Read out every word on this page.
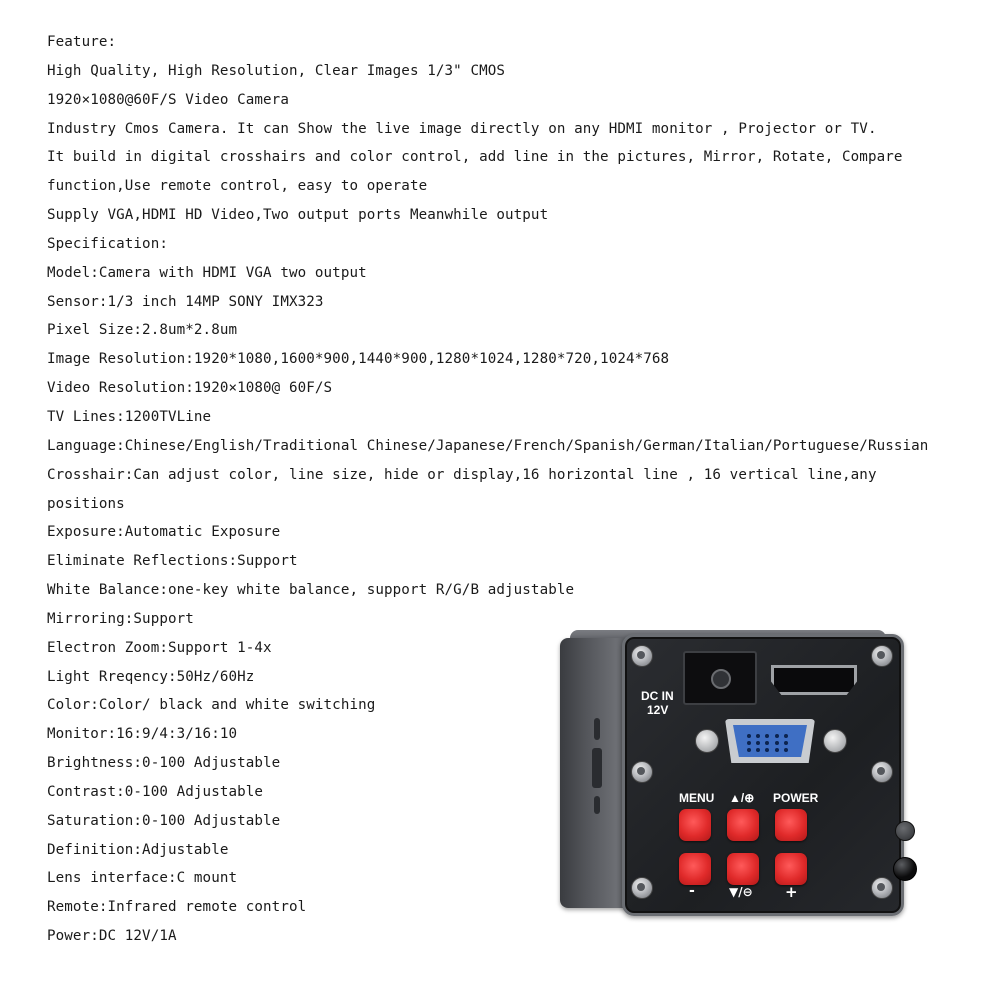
Feature:
High Quality, High Resolution, Clear Images 1/3" CMOS
1920×1080@60F/S Video Camera
Industry Cmos Camera. It can Show the live image directly on any HDMI monitor , Projector or TV.
It build in digital crosshairs and color control, add line in the pictures, Mirror, Rotate, Compare
function,Use remote control, easy to operate
Supply VGA,HDMI HD Video,Two output ports Meanwhile output
Specification:
Model:Camera with HDMI VGA two output
Sensor:1/3 inch 14MP SONY IMX323
Pixel Size:2.8um*2.8um
Image Resolution:1920*1080,1600*900,1440*900,1280*1024,1280*720,1024*768
Video Resolution:1920×1080@ 60F/S
TV Lines:1200TVLine
Language:Chinese/English/Traditional Chinese/Japanese/French/Spanish/German/Italian/Portuguese/Russian
Crosshair:Can adjust color, line size, hide or display,16 horizontal line , 16 vertical line,any
positions
Exposure:Automatic Exposure
Eliminate Reflections:Support
White Balance:one-key white balance, support R/G/B adjustable
Mirroring:Support
Electron Zoom:Support 1-4x
Light Rreqency:50Hz/60Hz
Color:Color/ black and white switching
Monitor:16:9/4:3/16:10
Brightness:0-100 Adjustable
Contrast:0-100 Adjustable
Saturation:0-100 Adjustable
Definition:Adjustable
Lens interface:C mount
Remote:Infrared remote control
Power:DC 12V/1A
DC IN
12V
MENU ▲/⊕ POWER
-	▼/⊖ +
